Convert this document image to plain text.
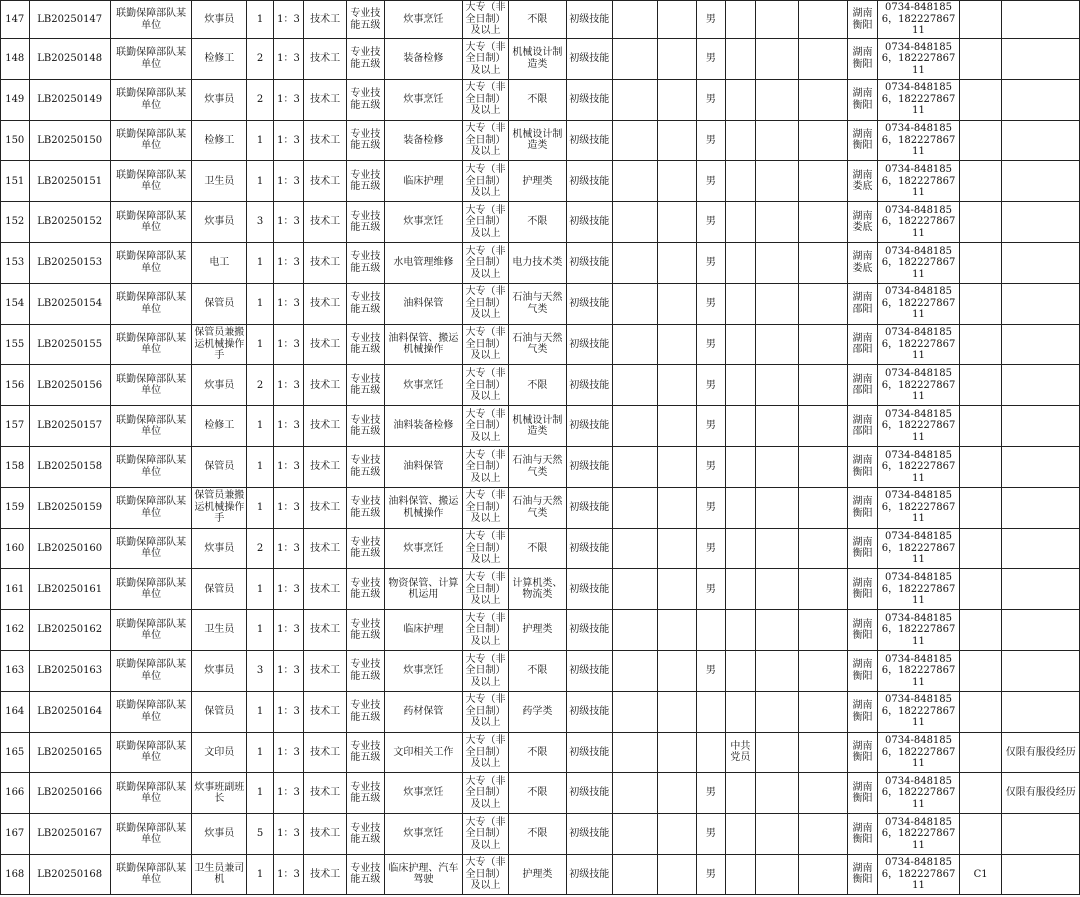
147	LB20250147	联勤保障部队某单位	炊事员	1	1：3	技术工	专业技能五级	炊事烹饪	大专（非全日制）及以上	不限	初级技能			男				湖南衡阳	0734-8481856，18222786711		
148	LB20250148	联勤保障部队某单位	检修工	2	1：3	技术工	专业技能五级	装备检修	大专（非全日制）及以上	机械设计制造类	初级技能			男				湖南衡阳	0734-8481856，18222786711		
149	LB20250149	联勤保障部队某单位	炊事员	2	1：3	技术工	专业技能五级	炊事烹饪	大专（非全日制）及以上	不限	初级技能			男				湖南衡阳	0734-8481856，18222786711		
150	LB20250150	联勤保障部队某单位	检修工	1	1：3	技术工	专业技能五级	装备检修	大专（非全日制）及以上	机械设计制造类	初级技能			男				湖南衡阳	0734-8481856，18222786711		
151	LB20250151	联勤保障部队某单位	卫生员	1	1：3	技术工	专业技能五级	临床护理	大专（非全日制）及以上	护理类	初级技能			男				湖南娄底	0734-8481856，18222786711		
152	LB20250152	联勤保障部队某单位	炊事员	3	1：3	技术工	专业技能五级	炊事烹饪	大专（非全日制）及以上	不限	初级技能			男				湖南娄底	0734-8481856，18222786711		
153	LB20250153	联勤保障部队某单位	电工	1	1：3	技术工	专业技能五级	水电管理维修	大专（非全日制）及以上	电力技术类	初级技能			男				湖南娄底	0734-8481856，18222786711		
154	LB20250154	联勤保障部队某单位	保管员	1	1：3	技术工	专业技能五级	油料保管	大专（非全日制）及以上	石油与天然气类	初级技能			男				湖南邵阳	0734-8481856，18222786711		
155	LB20250155	联勤保障部队某单位	保管员兼搬运机械操作手	1	1：3	技术工	专业技能五级	油料保管、搬运机械操作	大专（非全日制）及以上	石油与天然气类	初级技能			男				湖南邵阳	0734-8481856，18222786711		
156	LB20250156	联勤保障部队某单位	炊事员	2	1：3	技术工	专业技能五级	炊事烹饪	大专（非全日制）及以上	不限	初级技能			男				湖南邵阳	0734-8481856，18222786711		
157	LB20250157	联勤保障部队某单位	检修工	1	1：3	技术工	专业技能五级	油料装备检修	大专（非全日制）及以上	机械设计制造类	初级技能			男				湖南邵阳	0734-8481856，18222786711		
158	LB20250158	联勤保障部队某单位	保管员	1	1：3	技术工	专业技能五级	油料保管	大专（非全日制）及以上	石油与天然气类	初级技能			男				湖南衡阳	0734-8481856，18222786711		
159	LB20250159	联勤保障部队某单位	保管员兼搬运机械操作手	1	1：3	技术工	专业技能五级	油料保管、搬运机械操作	大专（非全日制）及以上	石油与天然气类	初级技能			男				湖南衡阳	0734-8481856，18222786711		
160	LB20250160	联勤保障部队某单位	炊事员	2	1：3	技术工	专业技能五级	炊事烹饪	大专（非全日制）及以上	不限	初级技能			男				湖南衡阳	0734-8481856，18222786711		
161	LB20250161	联勤保障部队某单位	保管员	1	1：3	技术工	专业技能五级	物资保管、计算机运用	大专（非全日制）及以上	计算机类、物流类	初级技能			男				湖南衡阳	0734-8481856，18222786711		
162	LB20250162	联勤保障部队某单位	卫生员	1	1：3	技术工	专业技能五级	临床护理	大专（非全日制）及以上	护理类	初级技能							湖南衡阳	0734-8481856，18222786711		
163	LB20250163	联勤保障部队某单位	炊事员	3	1：3	技术工	专业技能五级	炊事烹饪	大专（非全日制）及以上	不限	初级技能			男				湖南衡阳	0734-8481856，18222786711		
164	LB20250164	联勤保障部队某单位	保管员	1	1：3	技术工	专业技能五级	药材保管	大专（非全日制）及以上	药学类	初级技能							湖南衡阳	0734-8481856，18222786711		
165	LB20250165	联勤保障部队某单位	文印员	1	1：3	技术工	专业技能五级	文印相关工作	大专（非全日制）及以上	不限	初级技能				中共党员			湖南衡阳	0734-8481856，18222786711		仅限有服役经历
166	LB20250166	联勤保障部队某单位	炊事班副班长	1	1：3	技术工	专业技能五级	炊事烹饪	大专（非全日制）及以上	不限	初级技能			男				湖南衡阳	0734-8481856，18222786711		仅限有服役经历
167	LB20250167	联勤保障部队某单位	炊事员	5	1：3	技术工	专业技能五级	炊事烹饪	大专（非全日制）及以上	不限	初级技能			男				湖南衡阳	0734-8481856，18222786711		
168	LB20250168	联勤保障部队某单位	卫生员兼司机	1	1：3	技术工	专业技能五级	临床护理、汽车驾驶	大专（非全日制）及以上	护理类	初级技能			男				湖南衡阳	0734-8481856，18222786711	C1	
